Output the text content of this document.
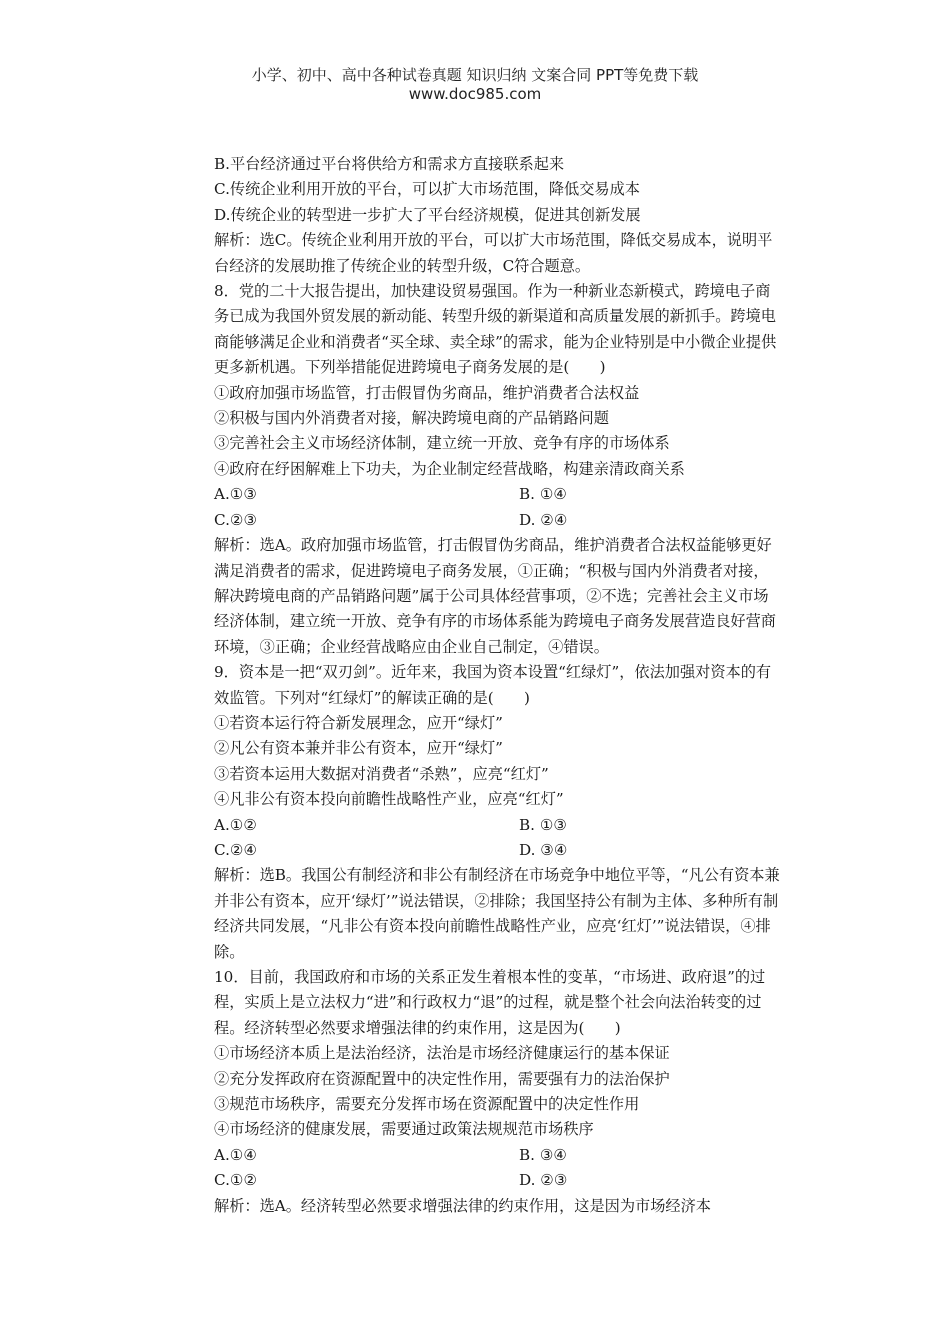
小学、初中、高中各种试卷真题 知识归纳 文案合同 PPT等免费下载
www.doc985.com

B.平台经济通过平台将供给方和需求方直接联系起来

C.传统企业利用开放的平台，可以扩大市场范围，降低交易成本

D.传统企业的转型进一步扩大了平台经济规模，促进其创新发展

解析：选C。传统企业利用开放的平台，可以扩大市场范围，降低交易成本，说明平台经济的发展助推了传统企业的转型升级，C符合题意。

8．党的二十大报告提出，加快建设贸易强国。作为一种新业态新模式，跨境电子商务已成为我国外贸发展的新动能、转型升级的新渠道和高质量发展的新抓手。跨境电商能够满足企业和消费者“买全球、卖全球”的需求，能为企业特别是中小微企业提供更多新机遇。下列举措能促进跨境电子商务发展的是(　　)

①政府加强市场监管，打击假冒伪劣商品，维护消费者合法权益

②积极与国内外消费者对接，解决跨境电商的产品销路问题

③完善社会主义市场经济体制，建立统一开放、竞争有序的市场体系

④政府在纾困解难上下功夫，为企业制定经营战略，构建亲清政商关系

A.①③	B. ①④
C.②③	D. ②④

解析：选A。政府加强市场监管，打击假冒伪劣商品，维护消费者合法权益能够更好满足消费者的需求，促进跨境电子商务发展，①正确；“积极与国内外消费者对接，解决跨境电商的产品销路问题”属于公司具体经营事项，②不选；完善社会主义市场经济体制，建立统一开放、竞争有序的市场体系能为跨境电子商务发展营造良好营商环境，③正确；企业经营战略应由企业自己制定，④错误。

9．资本是一把“双刃剑”。近年来，我国为资本设置“红绿灯”，依法加强对资本的有效监管。下列对“红绿灯”的解读正确的是(　　)

①若资本运行符合新发展理念，应开“绿灯”

②凡公有资本兼并非公有资本，应开“绿灯”

③若资本运用大数据对消费者“杀熟”，应亮“红灯”

④凡非公有资本投向前瞻性战略性产业，应亮“红灯”

A.①②	B. ①③
C.②④	D. ③④

解析：选B。我国公有制经济和非公有制经济在市场竞争中地位平等，“凡公有资本兼并非公有资本，应开‘绿灯’”说法错误，②排除；我国坚持公有制为主体、多种所有制经济共同发展，“凡非公有资本投向前瞻性战略性产业，应亮‘红灯’”说法错误，④排除。

10．目前，我国政府和市场的关系正发生着根本性的变革，“市场进、政府退”的过程，实质上是立法权力“进”和行政权力“退”的过程，就是整个社会向法治转变的过程。经济转型必然要求增强法律的约束作用，这是因为(　　)

①市场经济本质上是法治经济，法治是市场经济健康运行的基本保证

②充分发挥政府在资源配置中的决定性作用，需要强有力的法治保护

③规范市场秩序，需要充分发挥市场在资源配置中的决定性作用

④市场经济的健康发展，需要通过政策法规规范市场秩序

A.①④	B. ③④
C.①②	D. ②③

解析：选A。经济转型必然要求增强法律的约束作用，这是因为市场经济本
